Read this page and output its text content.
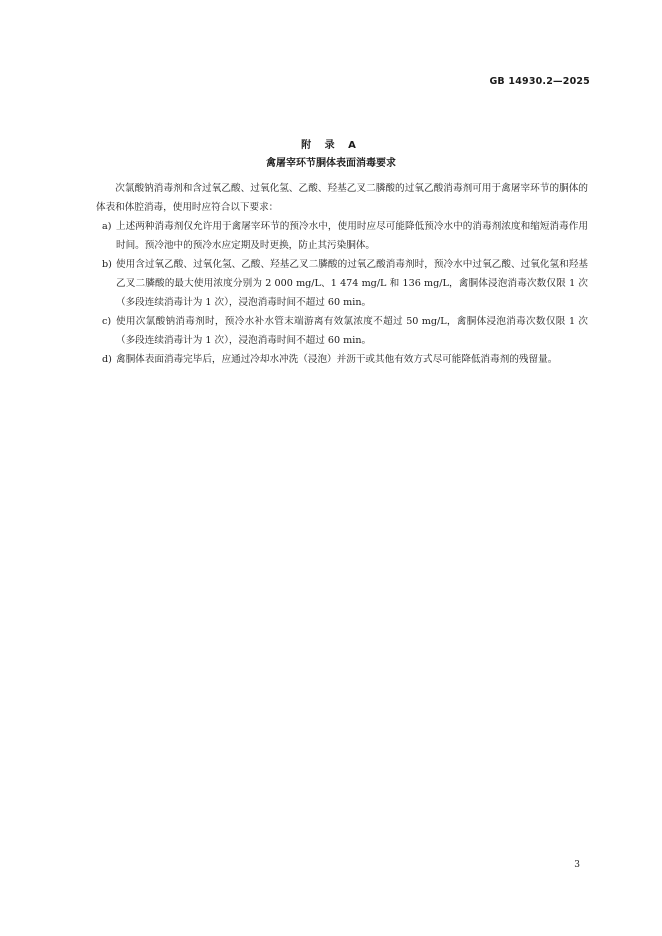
GB 14930.2—2025
附 录 A
禽屠宰环节胴体表面消毒要求

次氯酸钠消毒剂和含过氧乙酸、过氧化氢、乙酸、羟基乙叉二膦酸的过氧乙酸消毒剂可用于禽屠宰环节的胴体的体表和体腔消毒，使用时应符合以下要求：

a) 上述两种消毒剂仅允许用于禽屠宰环节的预冷水中，使用时应尽可能降低预冷水中的消毒剂浓度和缩短消毒作用时间。预冷池中的预冷水应定期及时更换，防止其污染胴体。
b) 使用含过氧乙酸、过氧化氢、乙酸、羟基乙叉二膦酸的过氧乙酸消毒剂时，预冷水中过氧乙酸、过氧化氢和羟基乙叉二膦酸的最大使用浓度分别为 2 000 mg/L、1 474 mg/L 和 136 mg/L，禽胴体浸泡消毒次数仅限 1 次（多段连续消毒计为 1 次），浸泡消毒时间不超过 60 min。
c) 使用次氯酸钠消毒剂时，预冷水补水管末端游离有效氯浓度不超过 50 mg/L，禽胴体浸泡消毒次数仅限 1 次（多段连续消毒计为 1 次），浸泡消毒时间不超过 60 min。
d) 禽胴体表面消毒完毕后，应通过冷却水冲洗（浸泡）并沥干或其他有效方式尽可能降低消毒剂的残留量。
3
